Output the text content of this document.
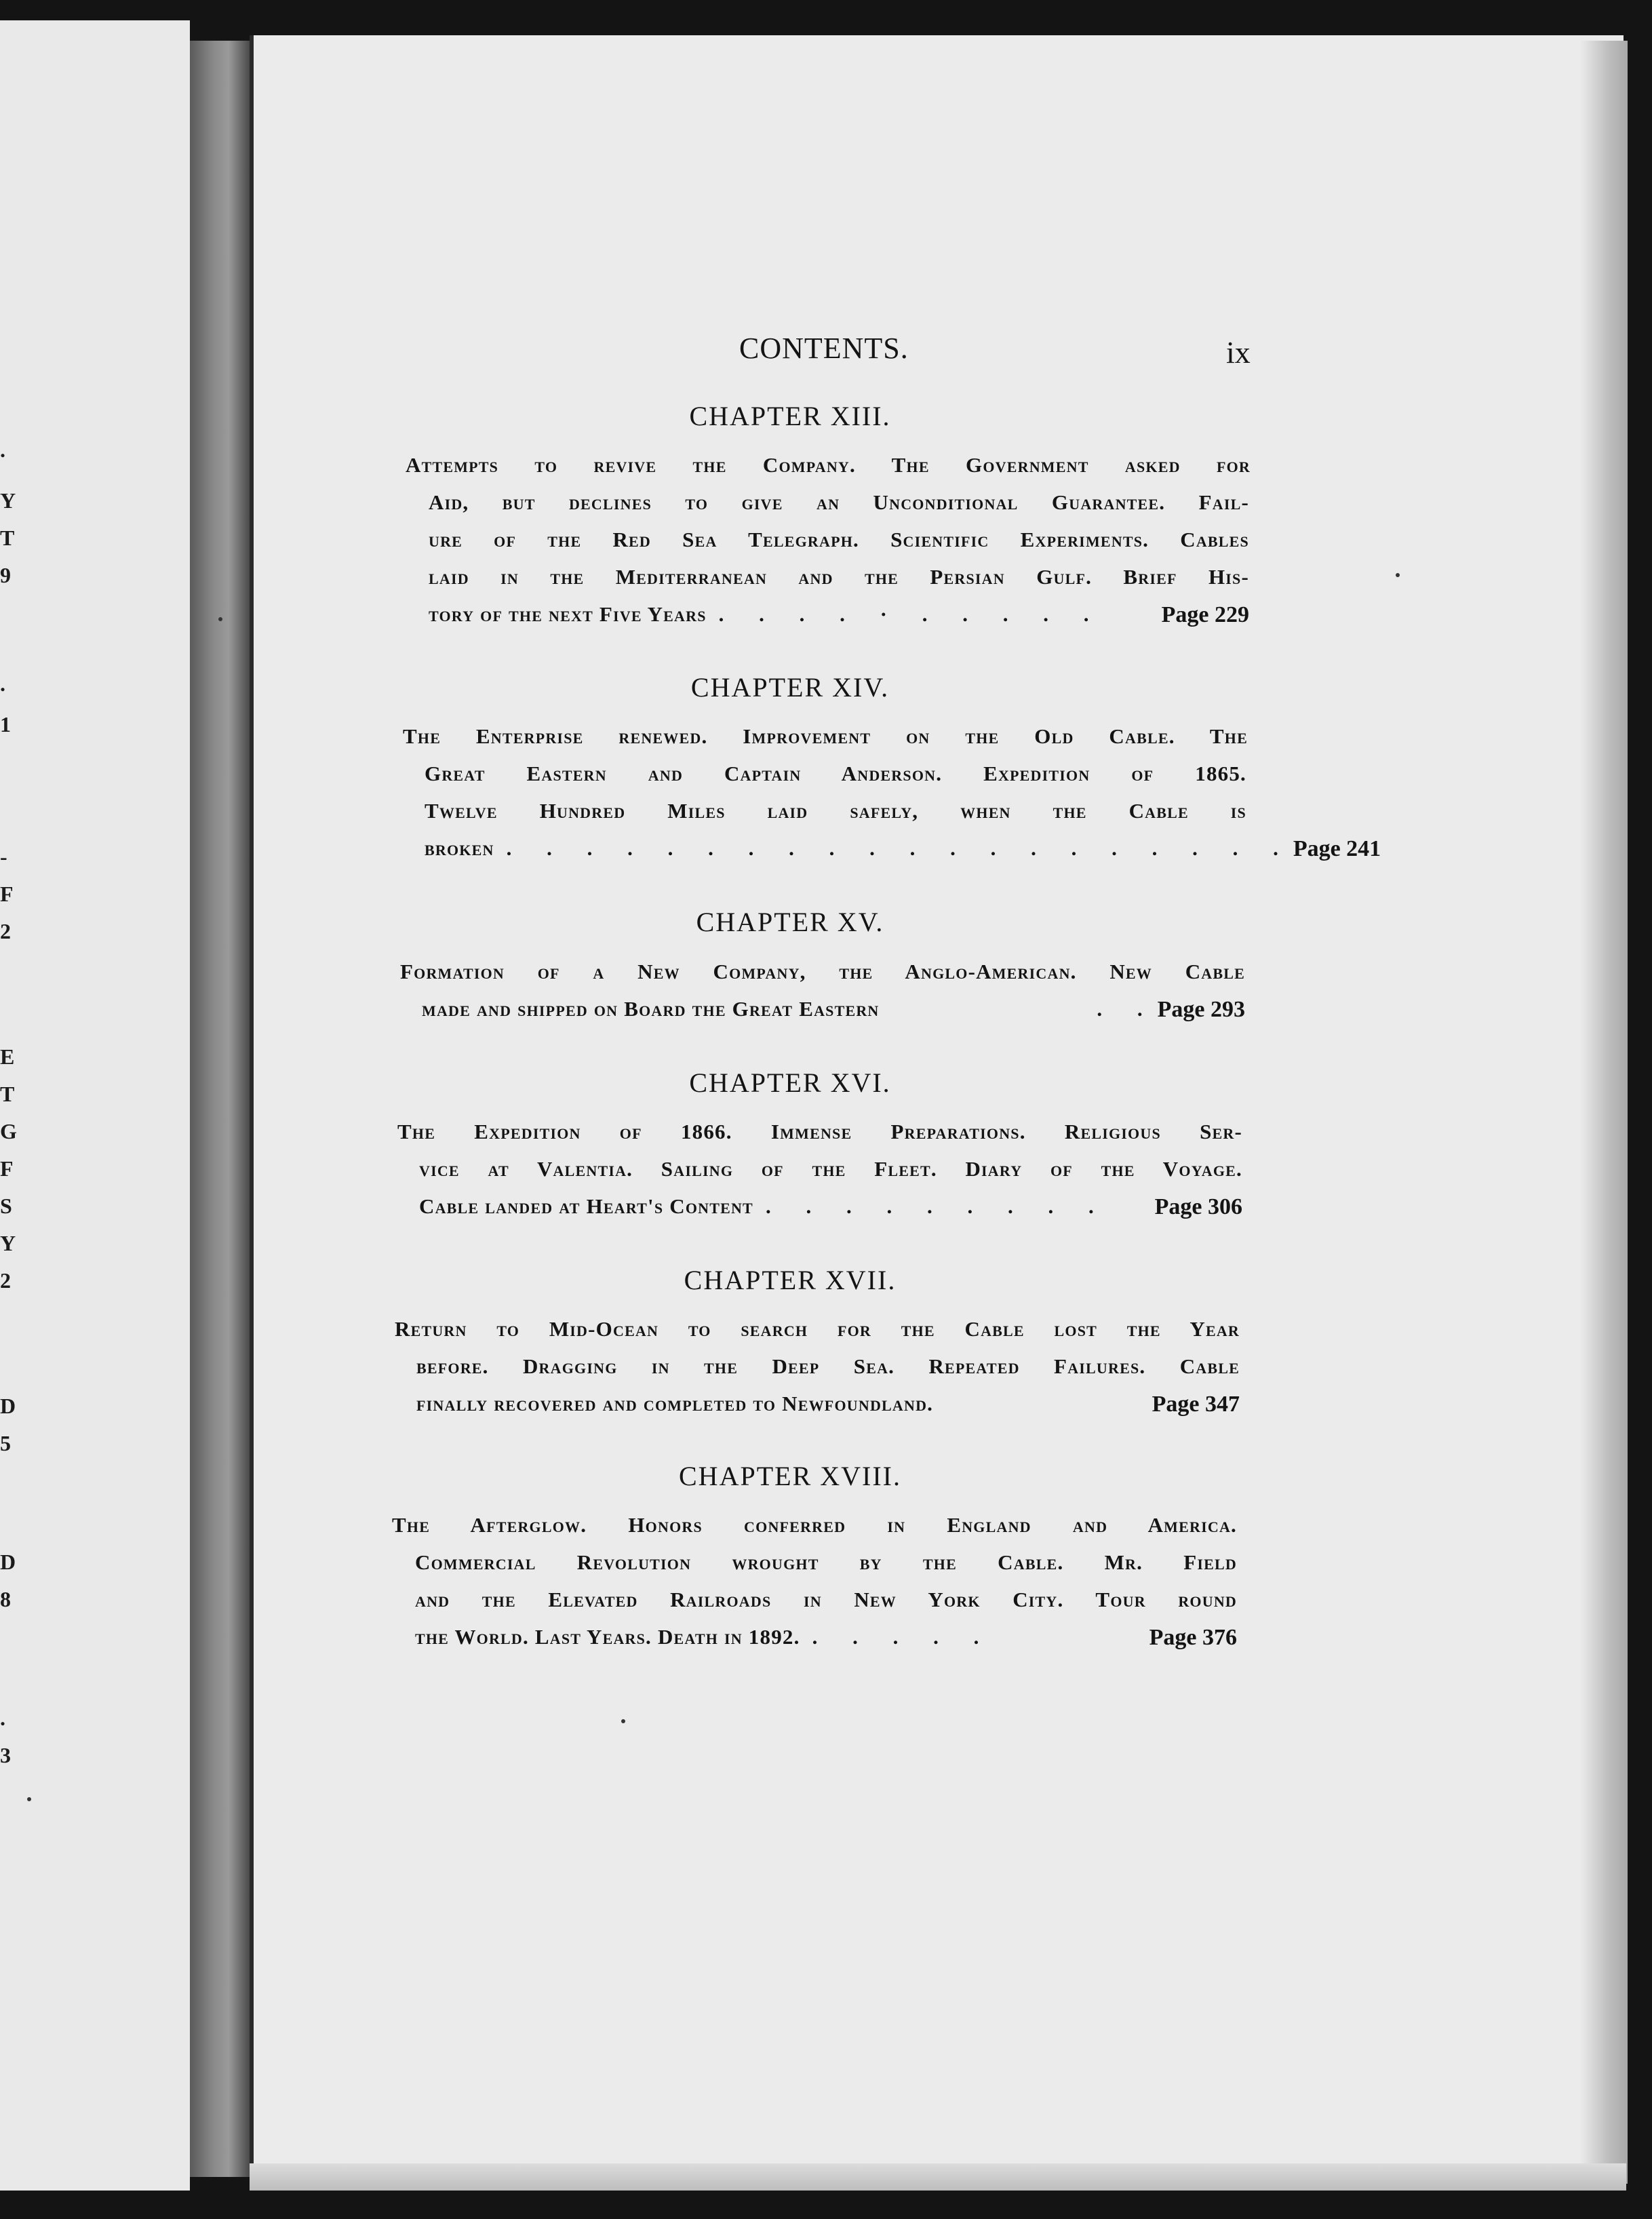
.
Y
T
9
.
1
-
F
2
E
T
G
F
S
Y
2
D
5
D
8
.
3
CONTENTS.	ix
CHAPTER XIII.
Attempts to revive the Company. The Government asked for
Aid, but declines to give an Unconditional Guarantee. Fail-
ure of the Red Sea Telegraph. Scientific Experiments. Cables
laid in the Mediterranean and the Persian Gulf. Brief His-
tory of the next Five Years . . . . · . . . . .	Page 229
CHAPTER XIV.
The Enterprise renewed. Improvement on the Old Cable. The
Great Eastern and Captain Anderson. Expedition of 1865.
Twelve Hundred Miles laid safely, when the Cable is
broken . . . . . . . . . . . . . . . . . . . . Page 241
CHAPTER XV.
Formation of a New Company, the Anglo-American. New Cable
made and shipped on Board the Great Eastern	. . Page 293
CHAPTER XVI.
The Expedition of 1866. Immense Preparations. Religious Ser-
vice at Valentia. Sailing of the Fleet. Diary of the Voyage.
Cable landed at Heart's Content . . . . . . . . .	Page 306
CHAPTER XVII.
Return to Mid-Ocean to search for the Cable lost the Year
before. Dragging in the Deep Sea. Repeated Failures. Cable
finally recovered and completed to Newfoundland.	Page 347
CHAPTER XVIII.
The Afterglow. Honors conferred in England and America.
Commercial Revolution wrought by the Cable. Mr. Field
and the Elevated Railroads in New York City. Tour round
the World. Last Years. Death in 1892. . . . . .	Page 376
